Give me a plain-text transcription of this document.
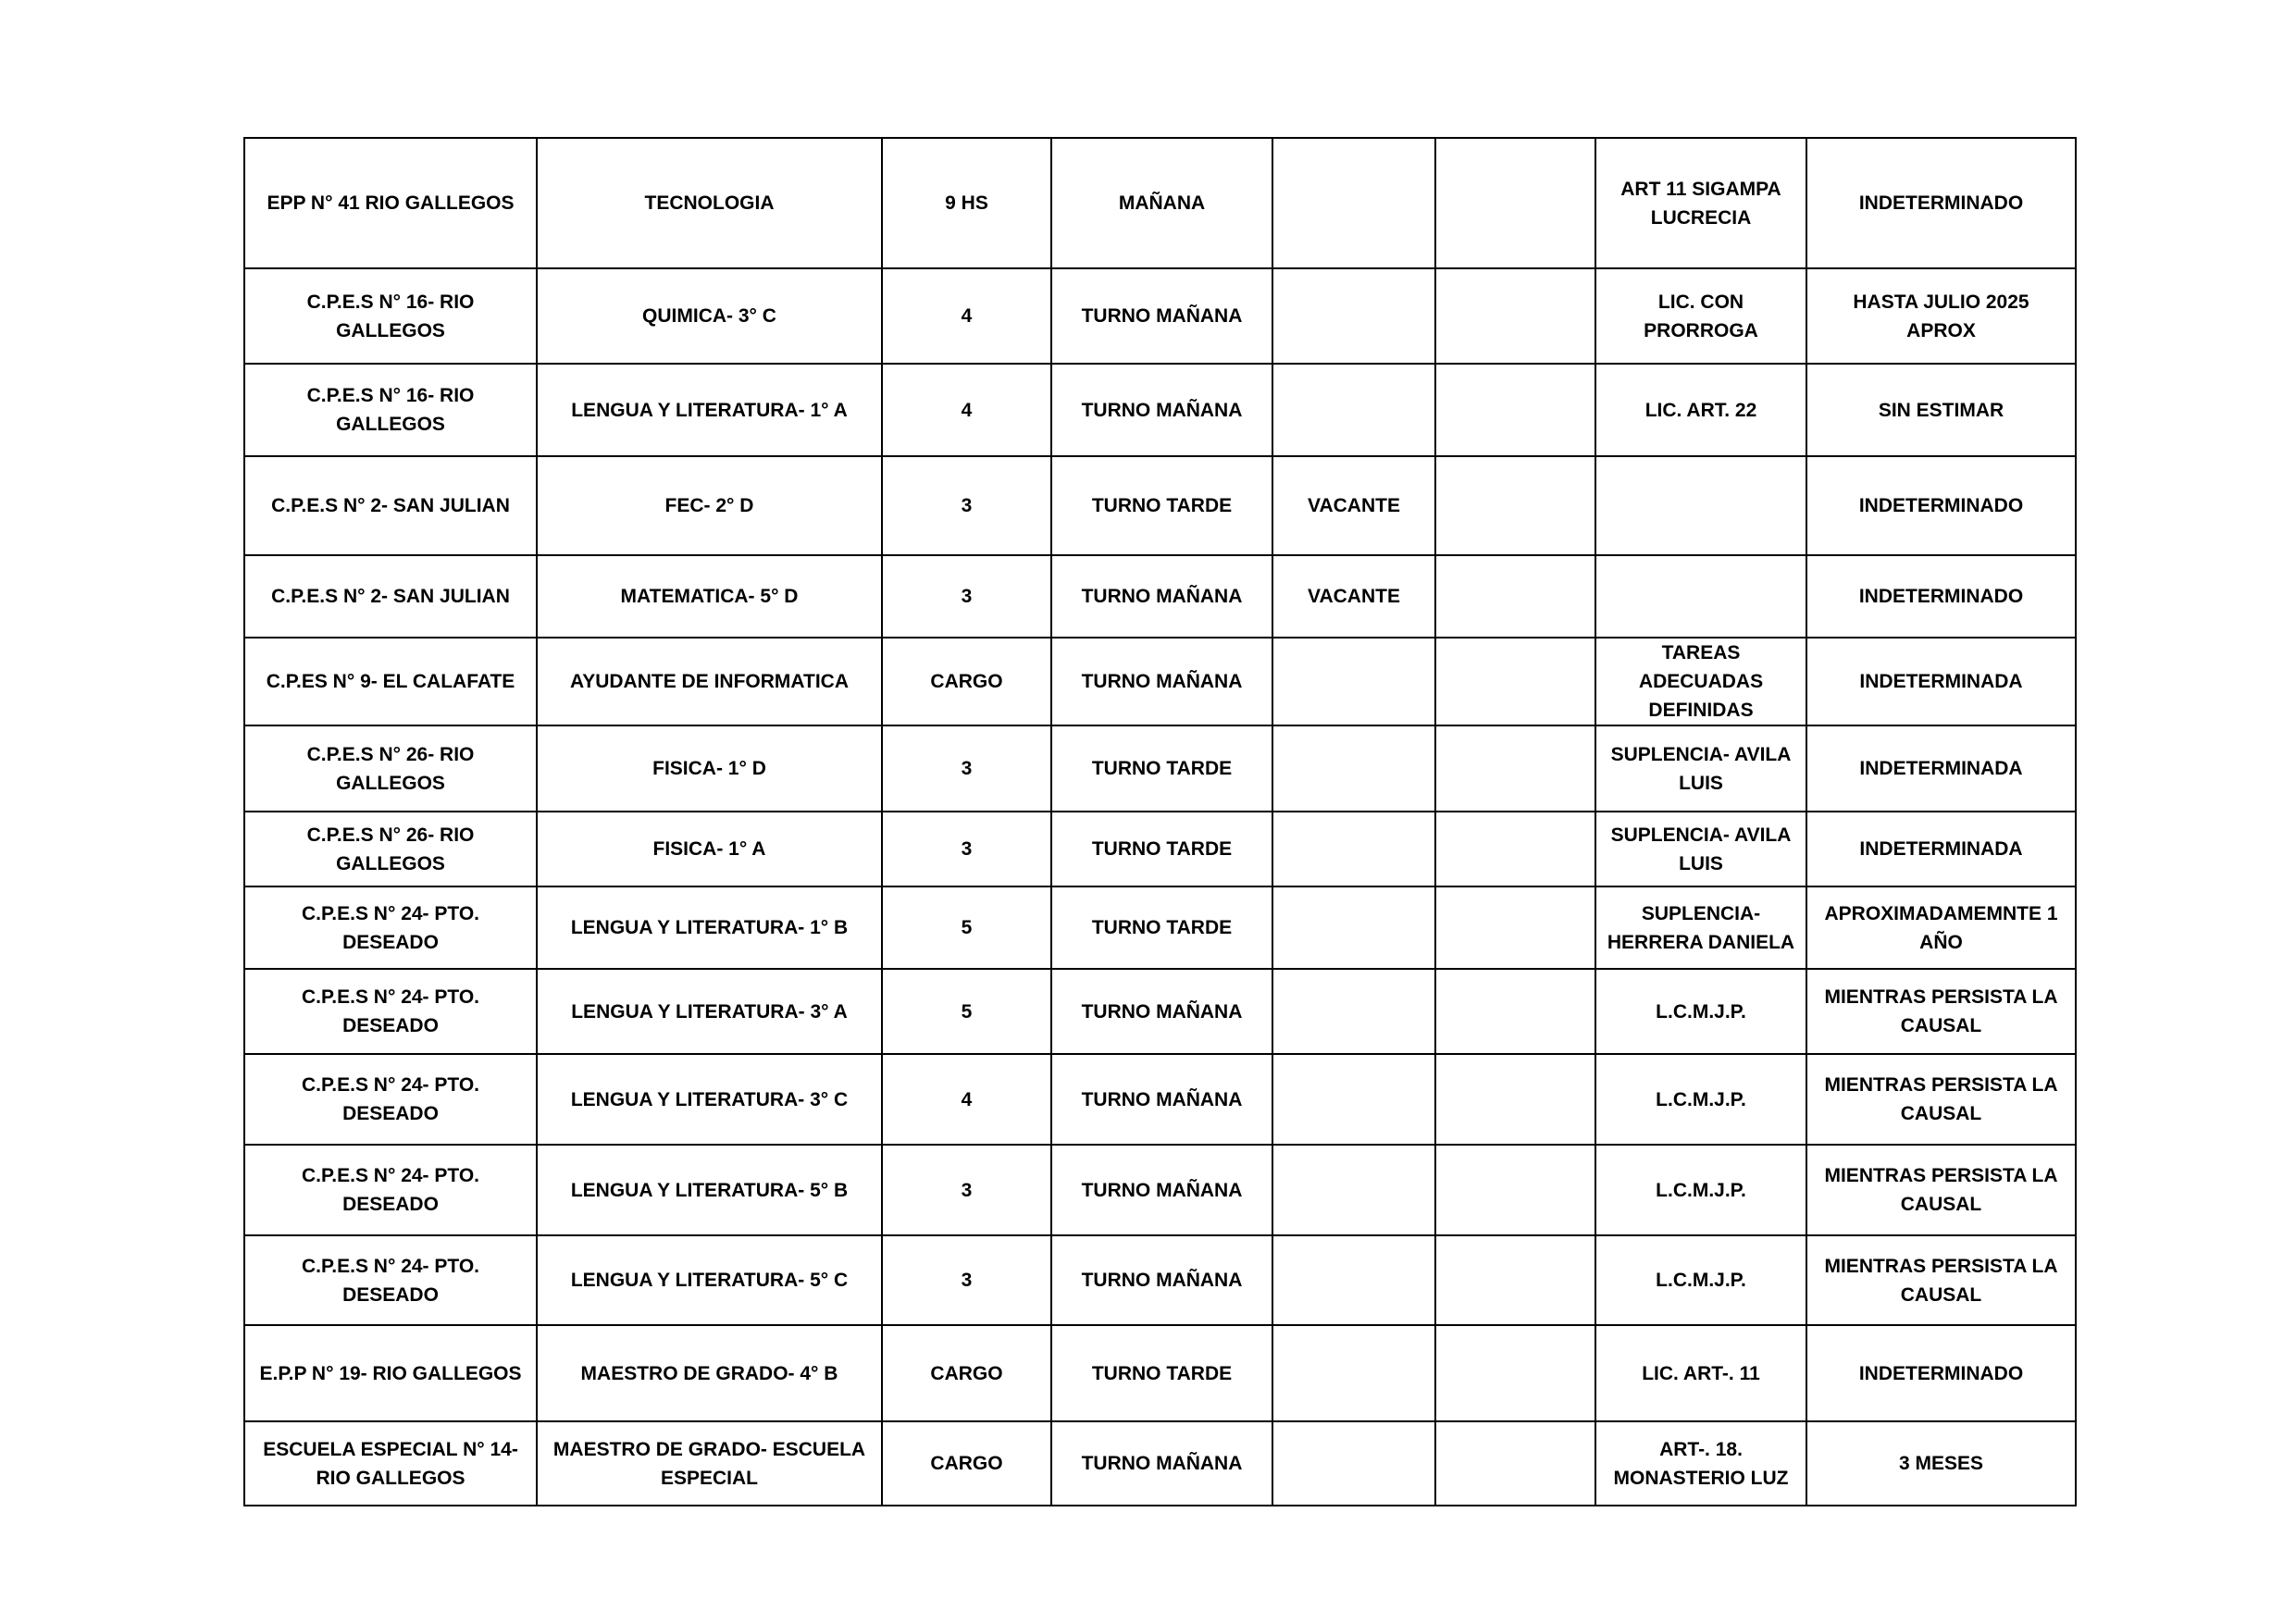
EPP N° 41 RIO GALLEGOS	TECNOLOGIA	9 HS	MAÑANA			ART 11 SIGAMPA LUCRECIA	INDETERMINADO
C.P.E.S N° 16- RIO GALLEGOS	QUIMICA- 3° C	4	TURNO MAÑANA			LIC. CON PRORROGA	HASTA JULIO 2025 APROX
C.P.E.S N° 16- RIO GALLEGOS	LENGUA Y LITERATURA- 1° A	4	TURNO MAÑANA			LIC. ART. 22	SIN ESTIMAR
C.P.E.S N° 2- SAN JULIAN	FEC- 2° D	3	TURNO TARDE	VACANTE			INDETERMINADO
C.P.E.S N° 2- SAN JULIAN	MATEMATICA- 5° D	3	TURNO MAÑANA	VACANTE			INDETERMINADO
C.P.ES N° 9- EL CALAFATE	AYUDANTE DE INFORMATICA	CARGO	TURNO MAÑANA			TAREAS ADECUADAS DEFINIDAS	INDETERMINADA
C.P.E.S N° 26- RIO GALLEGOS	FISICA- 1° D	3	TURNO TARDE			SUPLENCIA- AVILA LUIS	INDETERMINADA
C.P.E.S N° 26- RIO GALLEGOS	FISICA- 1° A	3	TURNO TARDE			SUPLENCIA- AVILA LUIS	INDETERMINADA
C.P.E.S N° 24- PTO. DESEADO	LENGUA Y LITERATURA- 1° B	5	TURNO TARDE			SUPLENCIA- HERRERA DANIELA	APROXIMADAMEMNTE 1 AÑO
C.P.E.S N° 24- PTO. DESEADO	LENGUA Y LITERATURA- 3° A	5	TURNO MAÑANA			L.C.M.J.P.	MIENTRAS PERSISTA LA CAUSAL
C.P.E.S N° 24- PTO. DESEADO	LENGUA Y LITERATURA- 3° C	4	TURNO MAÑANA			L.C.M.J.P.	MIENTRAS PERSISTA LA CAUSAL
C.P.E.S N° 24- PTO. DESEADO	LENGUA Y LITERATURA- 5° B	3	TURNO MAÑANA			L.C.M.J.P.	MIENTRAS PERSISTA LA CAUSAL
C.P.E.S N° 24- PTO. DESEADO	LENGUA Y LITERATURA- 5° C	3	TURNO MAÑANA			L.C.M.J.P.	MIENTRAS PERSISTA LA CAUSAL
E.P.P N° 19- RIO GALLEGOS	MAESTRO DE GRADO- 4° B	CARGO	TURNO TARDE			LIC. ART-. 11	INDETERMINADO
ESCUELA ESPECIAL N° 14- RIO GALLEGOS	MAESTRO DE GRADO- ESCUELA ESPECIAL	CARGO	TURNO MAÑANA			ART-. 18. MONASTERIO LUZ	3 MESES
